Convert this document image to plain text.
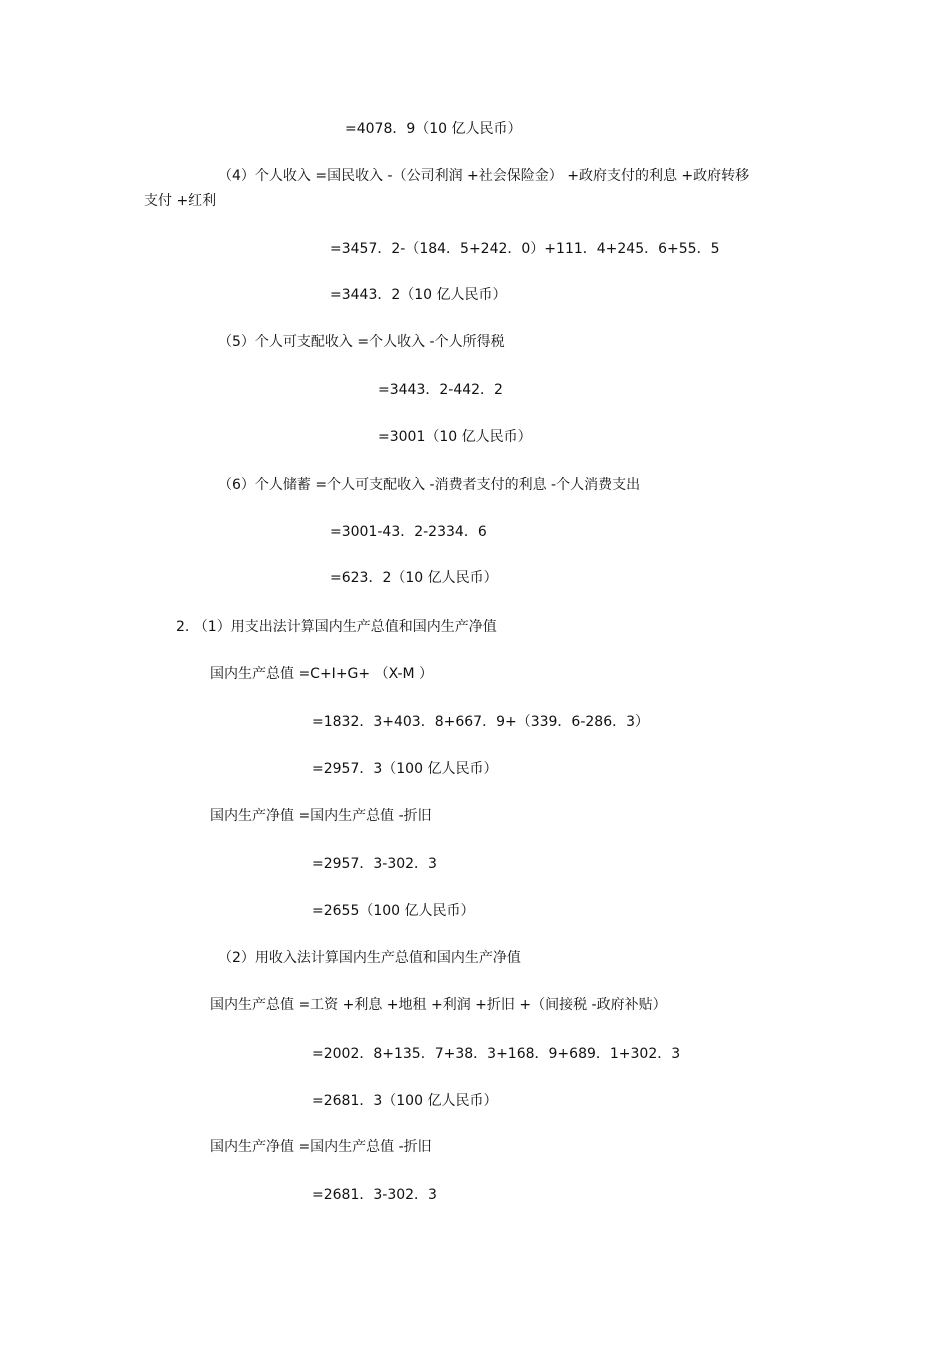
=4078．9（10 亿人民币）
（4）个人收入 =国民收入 -（公司利润 +社会保险金） +政府支付的利息 +政府转移
支付 +红利
=3457．2-（184．5+242．0）+111．4+245．6+55．5
=3443．2（10 亿人民币）
（5）个人可支配收入 =个人收入 -个人所得税
=3443．2-442．2
=3001（10 亿人民币）
（6）个人储蓄 =个人可支配收入 -消费者支付的利息 -个人消费支出
=3001-43．2-2334．6
=623．2（10 亿人民币）
2. （1）用支出法计算国内生产总值和国内生产净值
国内生产总值 =C+I+G+ （X-M ）
=1832．3+403．8+667．9+（339．6-286．3）
=2957．3（100 亿人民币）
国内生产净值 =国内生产总值 -折旧
=2957．3-302．3
=2655（100 亿人民币）
（2）用收入法计算国内生产总值和国内生产净值
国内生产总值 =工资 +利息 +地租 +利润 +折旧 +（间接税 -政府补贴）
=2002．8+135．7+38．3+168．9+689．1+302．3
=2681．3（100 亿人民币）
国内生产净值 =国内生产总值 -折旧
=2681．3-302．3
